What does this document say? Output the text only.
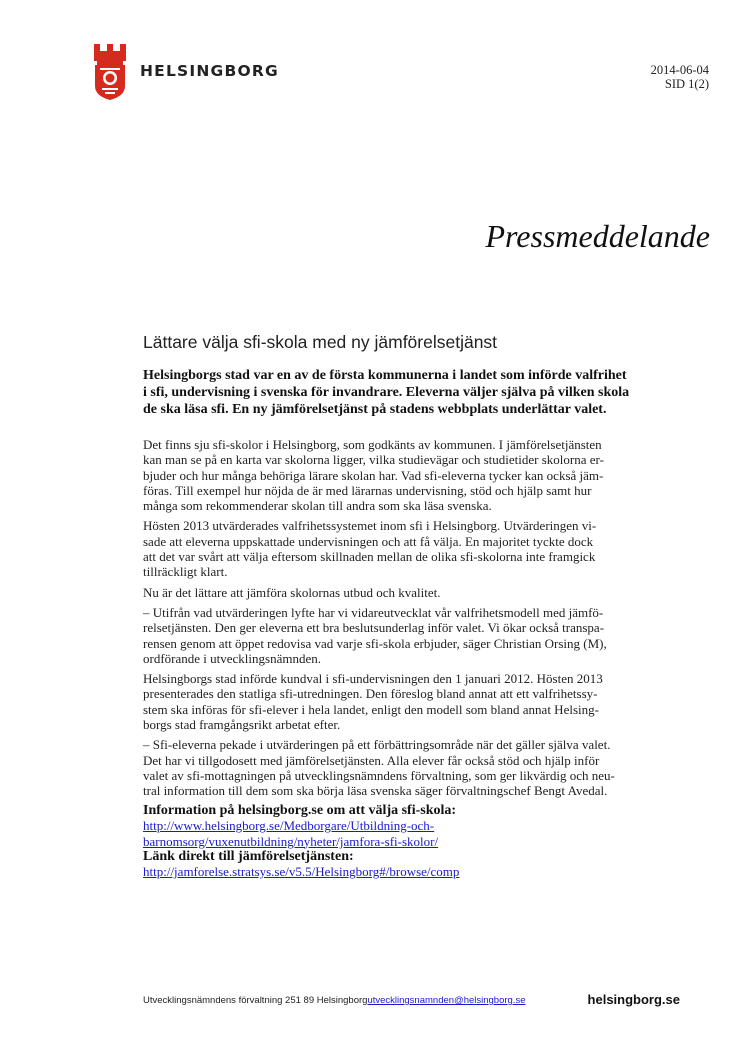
HELSINGBORG	2014-06-04
SID 1(2)
Pressmeddelande
Lättare välja sfi-skola med ny jämförelsetjänst
Helsingborgs stad var en av de första kommunerna i landet som införde valfrihet
i sfi, undervisning i svenska för invandrare. Eleverna väljer själva på vilken skola
de ska läsa sfi. En ny jämförelsetjänst på stadens webbplats underlättar valet.

Det finns sju sfi-skolor i Helsingborg, som godkänts av kommunen. I jämförelsetjänsten
kan man se på en karta var skolorna ligger, vilka studievägar och studietider skolorna er-
bjuder och hur många behöriga lärare skolan har. Vad sfi-eleverna tycker kan också jäm-
föras. Till exempel hur nöjda de är med lärarnas undervisning, stöd och hjälp samt hur
många som rekommenderar skolan till andra som ska läsa svenska.

Hösten 2013 utvärderades valfrihetssystemet inom sfi i Helsingborg. Utvärderingen vi-
sade att eleverna uppskattade undervisningen och att få välja. En majoritet tyckte dock
att det var svårt att välja eftersom skillnaden mellan de olika sfi-skolorna inte framgick
tillräckligt klart.

Nu är det lättare att jämföra skolornas utbud och kvalitet.

– Utifrån vad utvärderingen lyfte har vi vidareutvecklat vår valfrihetsmodell med jämfö-
relsetjänsten. Den ger eleverna ett bra beslutsunderlag inför valet. Vi ökar också transpa-
rensen genom att öppet redovisa vad varje sfi-skola erbjuder, säger Christian Orsing (M),
ordförande i utvecklingsnämnden.

Helsingborgs stad införde kundval i sfi-undervisningen den 1 januari 2012. Hösten 2013
presenterades den statliga sfi-utredningen. Den föreslog bland annat att ett valfrihetssy-
stem ska införas för sfi-elever i hela landet, enligt den modell som bland annat Helsing-
borgs stad framgångsrikt arbetat efter.

– Sfi-eleverna pekade i utvärderingen på ett förbättringsområde när det gäller själva valet.
Det har vi tillgodosett med jämförelsetjänsten. Alla elever får också stöd och hjälp inför
valet av sfi-mottagningen på utvecklingsnämndens förvaltning, som ger likvärdig och neu-
tral information till dem som ska börja läsa svenska säger förvaltningschef Bengt Avedal.

Information på helsingborg.se om att välja sfi-skola:
http://www.helsingborg.se/Medborgare/Utbildning-och-
barnomsorg/vuxenutbildning/nyheter/jamfora-sfi-skolor/
Länk direkt till jämförelsetjänsten:
http://jamforelse.stratsys.se/v5.5/Helsingborg#/browse/comp
Utvecklingsnämndens förvaltning 251 89 Helsingborgutvecklingsnamnden@helsingborg.se	helsingborg.se
